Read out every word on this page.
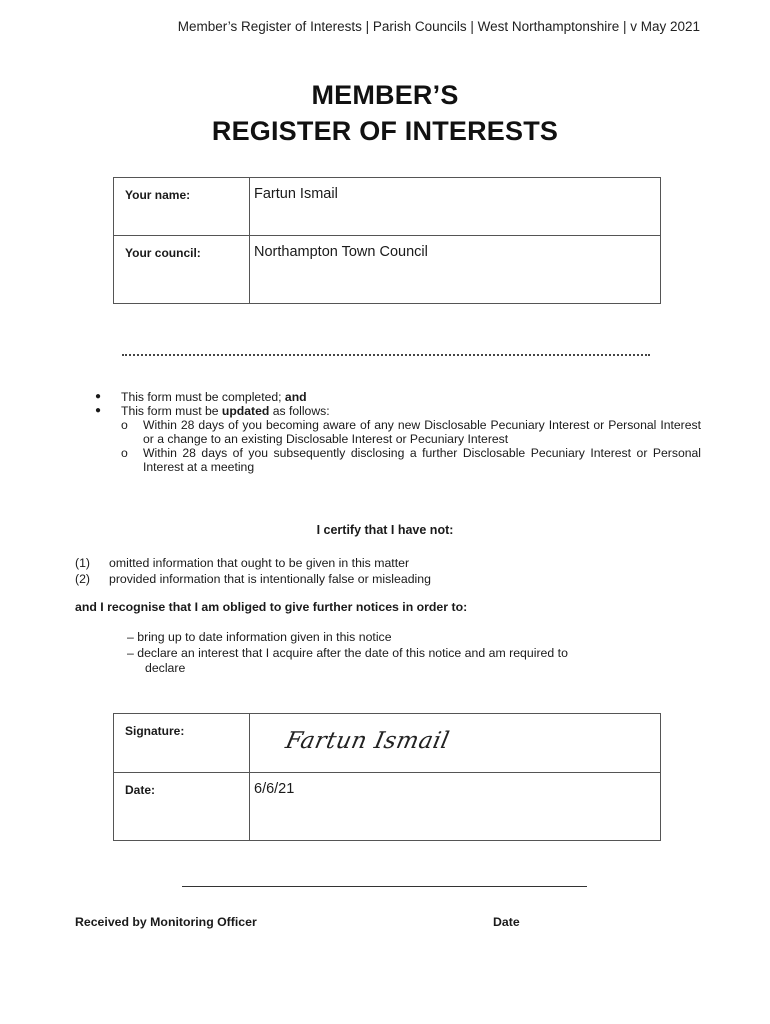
Member’s Register of Interests | Parish Councils | West Northamptonshire | v May 2021
MEMBER’S
REGISTER OF INTERESTS
Your name:	Fartun Ismail
Your council:	Northampton Town Council
●	This form must be completed; and
●	This form must be updated as follows:
o	Within 28 days of you becoming aware of any new Disclosable Pecuniary Interest or Personal Interest or a change to an existing Disclosable Interest or Pecuniary Interest
o	Within 28 days of you subsequently disclosing a further Disclosable Pecuniary Interest or Personal Interest at a meeting
I certify that I have not:
(1)	omitted information that ought to be given in this matter
(2)	provided information that is intentionally false or misleading
and I recognise that I am obliged to give further notices in order to:
– bring up to date information given in this notice
– declare an interest that I acquire after the date of this notice and am required to
declare
Signature:	Fartun Ismail

Date:	6/6/21
Received by Monitoring Officer	Date
